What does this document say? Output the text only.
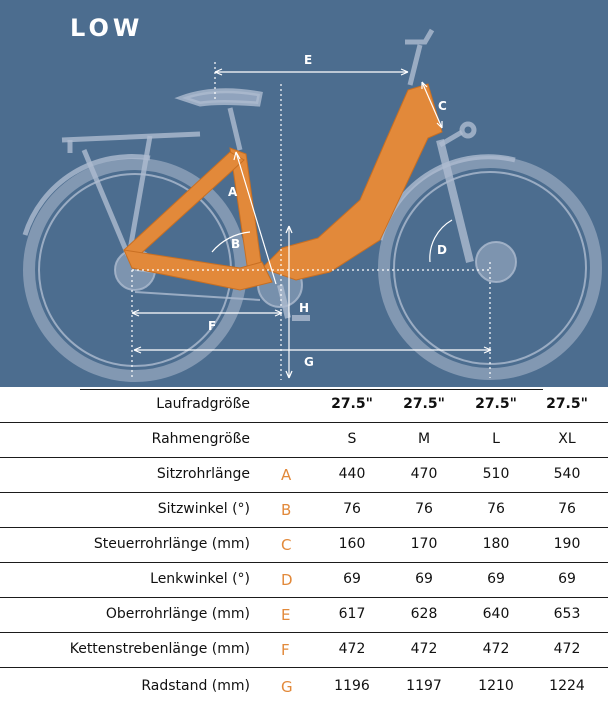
LOW
E
C
A
B	D
H
F
G
Laufradgröße	27.5"	27.5"	27.5"	27.5"
Rahmengröße	S	M	L	XL
Sitzrohrlänge A	440	470	510	540
Sitzwinkel (°) B	76	76	76	76
Steuerrohrlänge (mm) C	160	170	180	190
Lenkwinkel (°) D	69	69	69	69
Oberrohrlänge (mm) E	617	628	640	653
Kettenstrebenlänge (mm) F	472	472	472	472
Radstand (mm) G	1196	1197	1210	1224
